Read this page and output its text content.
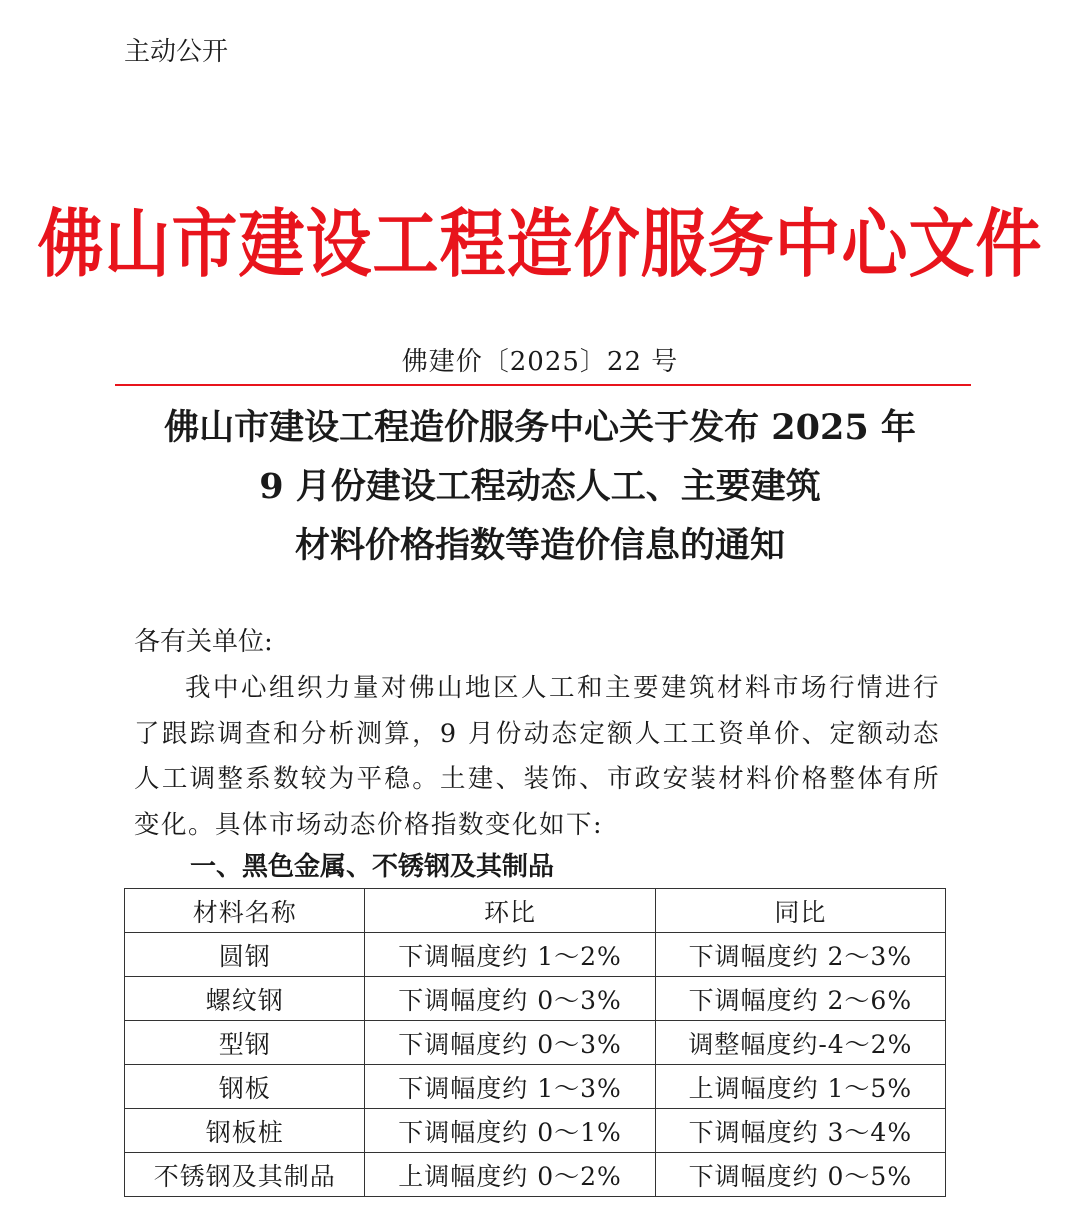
主动公开
佛山市建设工程造价服务中心文件
佛建价〔2025〕22 号
佛山市建设工程造价服务中心关于发布 2025 年
9 月份建设工程动态人工、主要建筑
材料价格指数等造价信息的通知
各有关单位:
我中心组织力量对佛山地区人工和主要建筑材料市场行情进行了跟踪调查和分析测算，9 月份动态定额人工工资单价、定额动态人工调整系数较为平稳。土建、装饰、市政安装材料价格整体有所变化。具体市场动态价格指数变化如下:
一、黑色金属、不锈钢及其制品
材料名称	环比	同比
圆钢	下调幅度约 1～2%	下调幅度约 2～3%
螺纹钢	下调幅度约 0～3%	下调幅度约 2～6%
型钢	下调幅度约 0～3%	调整幅度约-4～2%
钢板	下调幅度约 1～3%	上调幅度约 1～5%
钢板桩	下调幅度约 0～1%	下调幅度约 3～4%
不锈钢及其制品	上调幅度约 0～2%	下调幅度约 0～5%
